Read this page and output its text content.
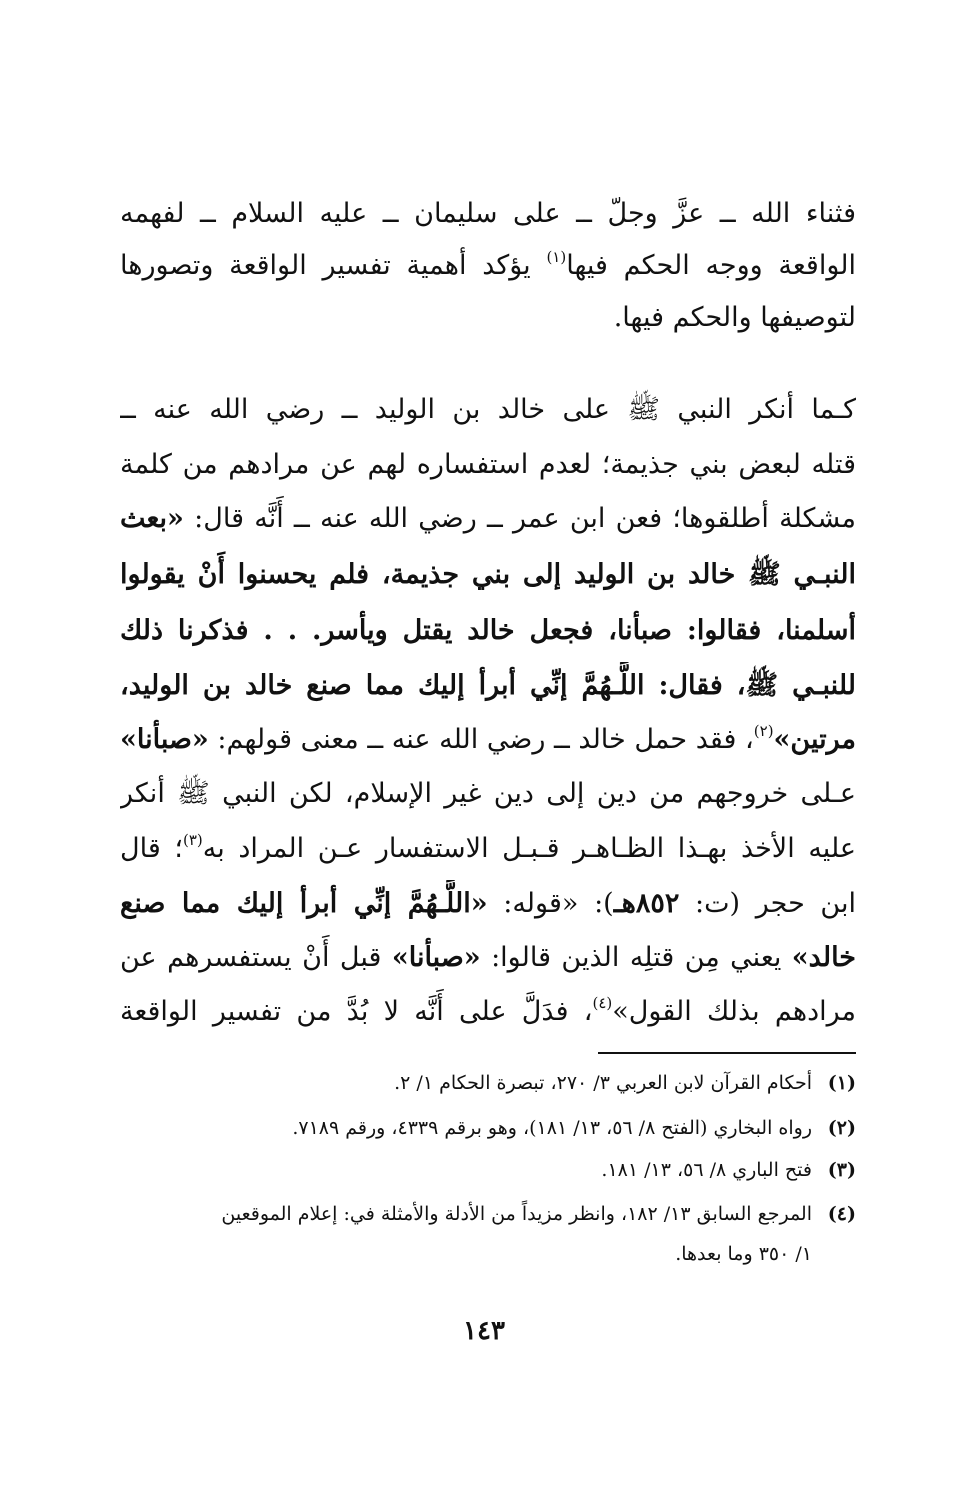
فثناء الله ــ عزَّ وجلّ ــ على سليمان ــ عليه السلام ــ لفهمه
الواقعة ووجه الحكم فيها$^{(١)}$ يؤكد أهمية تفسير الواقعة وتصورها
لتوصيفها والحكم فيها.
كـما أنكر النبي ﷺ على خالد بن الوليد ــ رضي الله عنه ــ
قتله لبعض بني جذيمة؛ لعدم استفساره لهم عن مرادهم من كلمة
مشكلة أطلقوها؛ فعن ابن عمر ــ رضي الله عنه ــ أَنَّه قال: «بعث
النبـي ﷺ خالد بن الوليد إلى بني جذيمة، فلم يحسنوا أَنْ يقولوا
أسلمنا، فقالوا: صبأنا، فجعل خالد يقتل ويأسر. . . فذكرنا ذلك
للنبـي ﷺ، فقال: اللَّـهُمَّ إنِّي أبرأ إليك مما صنع خالد بن الوليد،
مرتين»$^{(٢)}$، فقد حمل خالد ــ رضي الله عنه ــ معنى قولهم: «صبأنا»
عـلى خروجهم من دين إلى دين غير الإسلام، لكن النبي ﷺ أنكر
عليه الأخذ بهـذا الظـاهـر قـبـل الاستفسار عـن المراد به$^{(٣)}$؛ قال
ابن حجر (ت: ٨٥٢هـ): «قوله: «اللَّـهُمَّ إنِّي أبرأ إليك مما صنع
خالد» يعني مِن قتلِه الذين قالوا: «صبأنا» قبل أَنْ يستفسرهم عن
مرادهم بذلك القول»$^{(٤)}$، فدَلَّ على أَنَّه لا بُدَّ من تفسير الواقعة
(١)أحكام القرآن لابن العربي ٣/ ٢٧٠، تبصرة الحكام ١/ ٢.
(٢)رواه البخاري (الفتح ٨/ ٥٦، ١٣/ ١٨١)، وهو برقم ٤٣٣٩، ورقم ٧١٨٩.
(٣)فتح الباري ٨/ ٥٦، ١٣/ ١٨١.
(٤)المرجع السابق ١٣/ ١٨٢، وانظر مزيداً من الأدلة والأمثلة في: إعلام الموقعين
١/ ٣٥٠ وما بعدها.
١٤٣
